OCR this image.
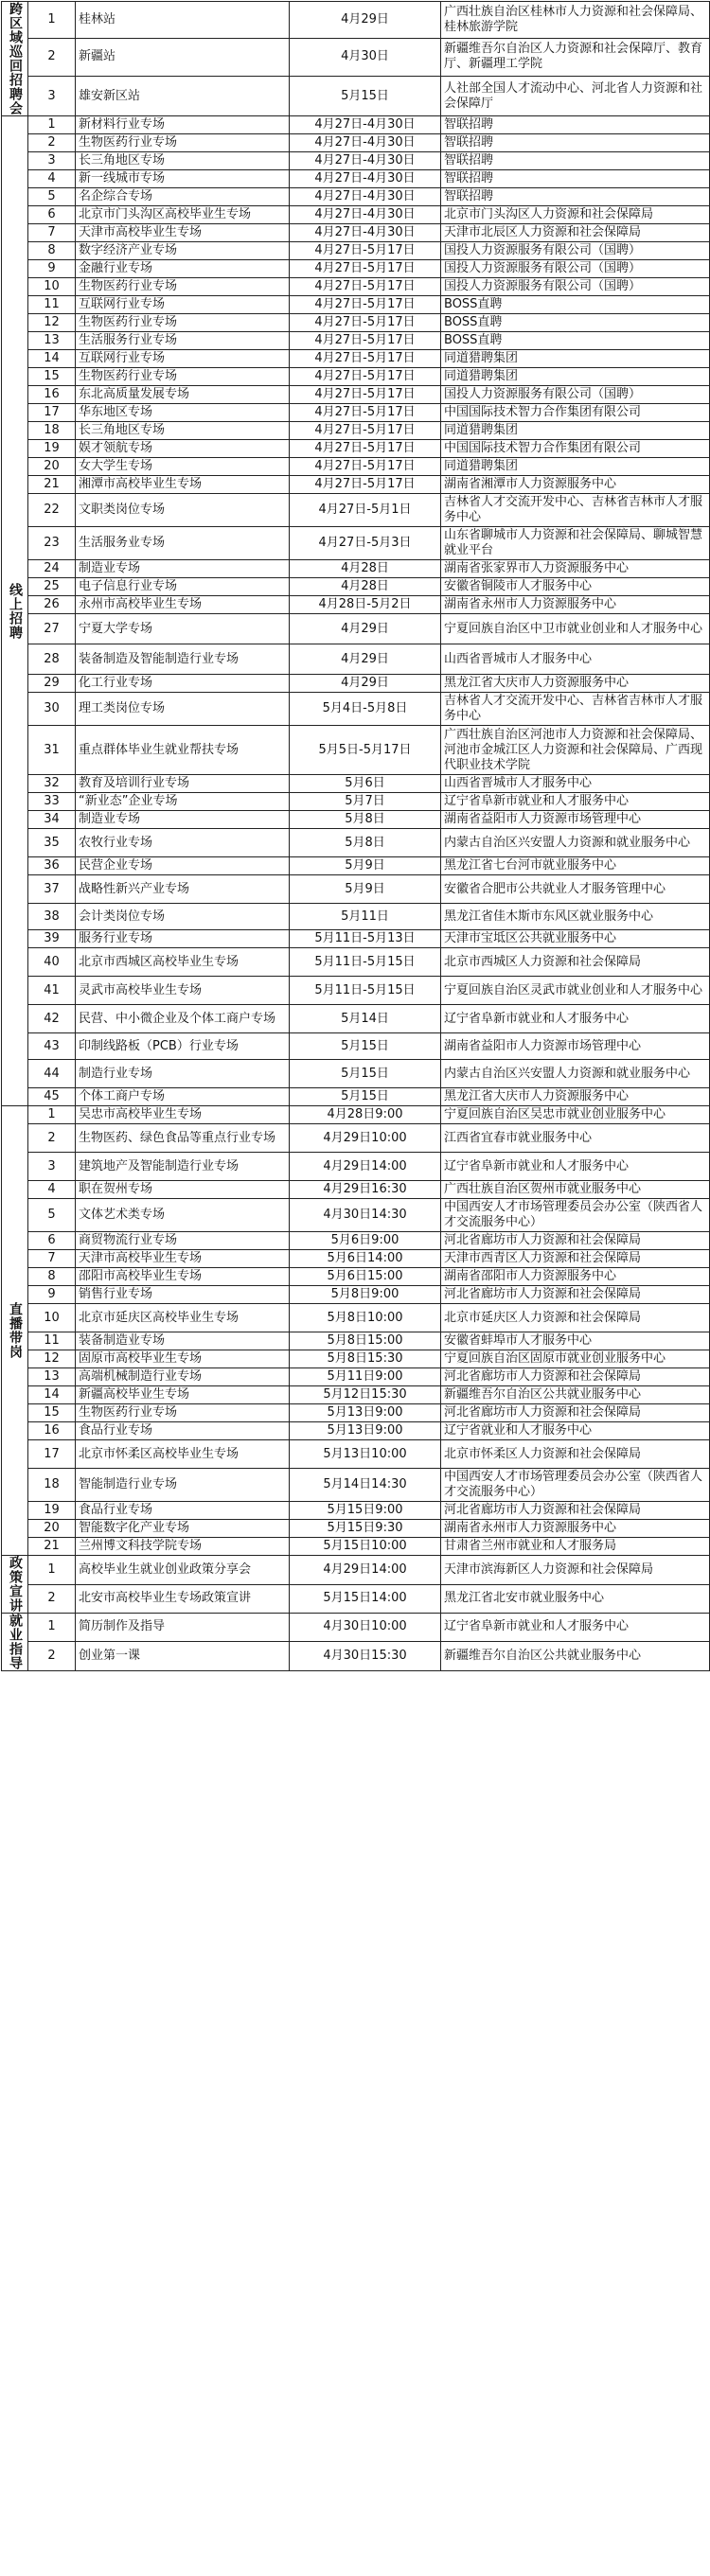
跨区域巡回招聘会	1	桂林站	4月29日	广西壮族自治区桂林市人力资源和社会保障局、桂林旅游学院
	2	新疆站	4月30日	新疆维吾尔自治区人力资源和社会保障厅、教育厅、新疆理工学院
	3	雄安新区站	5月15日	人社部全国人才流动中心、河北省人力资源和社会保障厅
线上招聘	1	新材料行业专场	4月27日-4月30日	智联招聘
	2	生物医药行业专场	4月27日-4月30日	智联招聘
	3	长三角地区专场	4月27日-4月30日	智联招聘
	4	新一线城市专场	4月27日-4月30日	智联招聘
	5	名企综合专场	4月27日-4月30日	智联招聘
	6	北京市门头沟区高校毕业生专场	4月27日-4月30日	北京市门头沟区人力资源和社会保障局
	7	天津市高校毕业生专场	4月27日-4月30日	天津市北辰区人力资源和社会保障局
	8	数字经济产业专场	4月27日-5月17日	国投人力资源服务有限公司（国聘）
	9	金融行业专场	4月27日-5月17日	国投人力资源服务有限公司（国聘）
	10	生物医药行业专场	4月27日-5月17日	国投人力资源服务有限公司（国聘）
	11	互联网行业专场	4月27日-5月17日	BOSS直聘
	12	生物医药行业专场	4月27日-5月17日	BOSS直聘
	13	生活服务行业专场	4月27日-5月17日	BOSS直聘
	14	互联网行业专场	4月27日-5月17日	同道猎聘集团
	15	生物医药行业专场	4月27日-5月17日	同道猎聘集团
	16	东北高质量发展专场	4月27日-5月17日	国投人力资源服务有限公司（国聘）
	17	华东地区专场	4月27日-5月17日	中国国际技术智力合作集团有限公司
	18	长三角地区专场	4月27日-5月17日	同道猎聘集团
	19	娱才领航专场	4月27日-5月17日	中国国际技术智力合作集团有限公司
	20	女大学生专场	4月27日-5月17日	同道猎聘集团
	21	湘潭市高校毕业生专场	4月27日-5月17日	湖南省湘潭市人力资源服务中心
	22	文职类岗位专场	4月27日-5月1日	吉林省人才交流开发中心、吉林省吉林市人才服务中心
	23	生活服务业专场	4月27日-5月3日	山东省聊城市人力资源和社会保障局、聊城智慧就业平台
	24	制造业专场	4月28日	湖南省张家界市人力资源服务中心
	25	电子信息行业专场	4月28日	安徽省铜陵市人才服务中心
	26	永州市高校毕业生专场	4月28日-5月2日	湖南省永州市人力资源服务中心
	27	宁夏大学专场	4月29日	宁夏回族自治区中卫市就业创业和人才服务中心
	28	装备制造及智能制造行业专场	4月29日	山西省晋城市人才服务中心
	29	化工行业专场	4月29日	黑龙江省大庆市人力资源服务中心
	30	理工类岗位专场	5月4日-5月8日	吉林省人才交流开发中心、吉林省吉林市人才服务中心
	31	重点群体毕业生就业帮扶专场	5月5日-5月17日	广西壮族自治区河池市人力资源和社会保障局、河池市金城江区人力资源和社会保障局、广西现代职业技术学院
	32	教育及培训行业专场	5月6日	山西省晋城市人才服务中心
	33	“新业态”企业专场	5月7日	辽宁省阜新市就业和人才服务中心
	34	制造业专场	5月8日	湖南省益阳市人力资源市场管理中心
	35	农牧行业专场	5月8日	内蒙古自治区兴安盟人力资源和就业服务中心
	36	民营企业专场	5月9日	黑龙江省七台河市就业服务中心
	37	战略性新兴产业专场	5月9日	安徽省合肥市公共就业人才服务管理中心
	38	会计类岗位专场	5月11日	黑龙江省佳木斯市东风区就业服务中心
	39	服务行业专场	5月11日-5月13日	天津市宝坻区公共就业服务中心
	40	北京市西城区高校毕业生专场	5月11日-5月15日	北京市西城区人力资源和社会保障局
	41	灵武市高校毕业生专场	5月11日-5月15日	宁夏回族自治区灵武市就业创业和人才服务中心
	42	民营、中小微企业及个体工商户专场	5月14日	辽宁省阜新市就业和人才服务中心
	43	印制线路板（PCB）行业专场	5月15日	湖南省益阳市人力资源市场管理中心
	44	制造行业专场	5月15日	内蒙古自治区兴安盟人力资源和就业服务中心
	45	个体工商户专场	5月15日	黑龙江省大庆市人力资源服务中心
直播带岗	1	吴忠市高校毕业生专场	4月28日9:00	宁夏回族自治区吴忠市就业创业服务中心
	2	生物医药、绿色食品等重点行业专场	4月29日10:00	江西省宜春市就业服务中心
	3	建筑地产及智能制造行业专场	4月29日14:00	辽宁省阜新市就业和人才服务中心
	4	职在贺州专场	4月29日16:30	广西壮族自治区贺州市就业服务中心
	5	文体艺术类专场	4月30日14:30	中国西安人才市场管理委员会办公室（陕西省人才交流服务中心）
	6	商贸物流行业专场	5月6日9:00	河北省廊坊市人力资源和社会保障局
	7	天津市高校毕业生专场	5月6日14:00	天津市西青区人力资源和社会保障局
	8	邵阳市高校毕业生专场	5月6日15:00	湖南省邵阳市人力资源服务中心
	9	销售行业专场	5月8日9:00	河北省廊坊市人力资源和社会保障局
	10	北京市延庆区高校毕业生专场	5月8日10:00	北京市延庆区人力资源和社会保障局
	11	装备制造业专场	5月8日15:00	安徽省蚌埠市人才服务中心
	12	固原市高校毕业生专场	5月8日15:30	宁夏回族自治区固原市就业创业服务中心
	13	高端机械制造行业专场	5月11日9:00	河北省廊坊市人力资源和社会保障局
	14	新疆高校毕业生专场	5月12日15:30	新疆维吾尔自治区公共就业服务中心
	15	生物医药行业专场	5月13日9:00	河北省廊坊市人力资源和社会保障局
	16	食品行业专场	5月13日9:00	辽宁省就业和人才服务中心
	17	北京市怀柔区高校毕业生专场	5月13日10:00	北京市怀柔区人力资源和社会保障局
	18	智能制造行业专场	5月14日14:30	中国西安人才市场管理委员会办公室（陕西省人才交流服务中心）
	19	食品行业专场	5月15日9:00	河北省廊坊市人力资源和社会保障局
	20	智能数字化产业专场	5月15日9:30	湖南省永州市人力资源服务中心
	21	兰州博文科技学院专场	5月15日10:00	甘肃省兰州市就业和人才服务局
政策宣讲	1	高校毕业生就业创业政策分享会	4月29日14:00	天津市滨海新区人力资源和社会保障局
	2	北安市高校毕业生专场政策宣讲	5月15日14:00	黑龙江省北安市就业服务中心
就业指导	1	简历制作及指导	4月30日10:00	辽宁省阜新市就业和人才服务中心
	2	创业第一课	4月30日15:30	新疆维吾尔自治区公共就业服务中心
